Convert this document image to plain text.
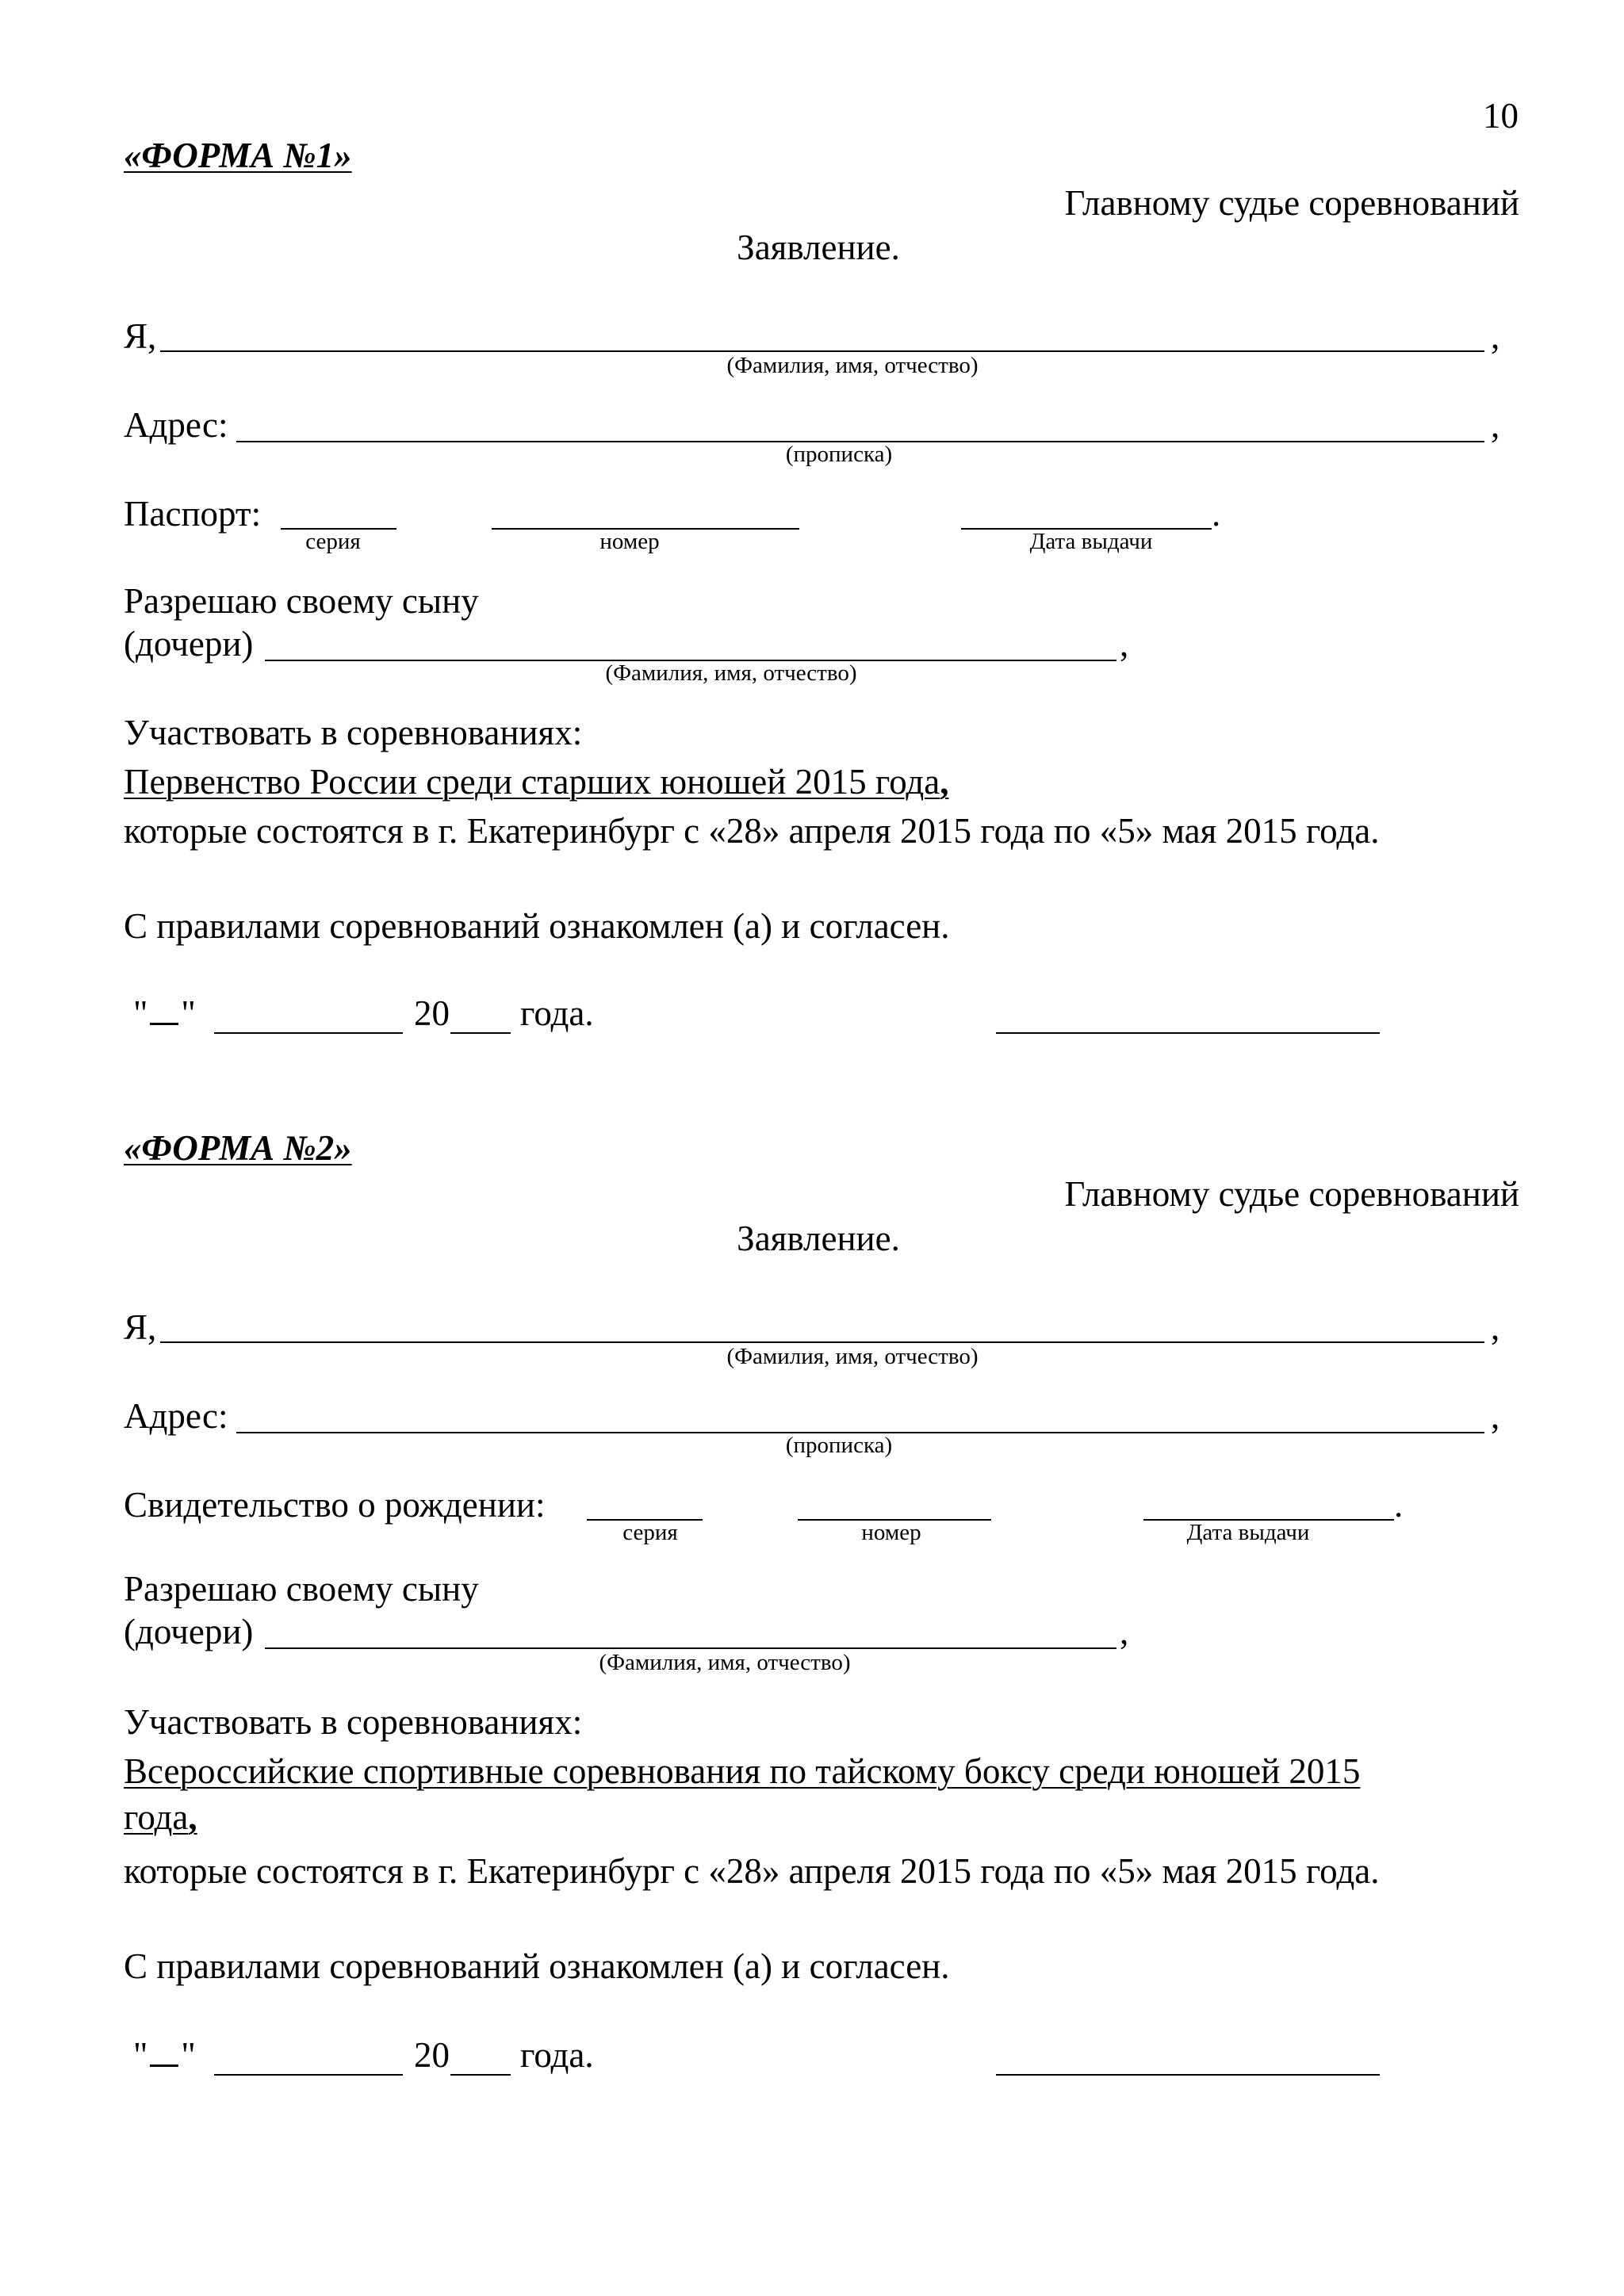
10
«ФОРМА №1»
Главному судье соревнований
Заявление.
Я,	,
(Фамилия, имя, отчество)
Адрес:	,
(прописка)
Паспорт:	.
серия	номер	Дата выдачи
Разрешаю своему сыну
(дочери)	,
(Фамилия, имя, отчество)
Участвовать в соревнованиях:
Первенство России среди старших юношей 2015 года,
которые состоятся в г. Екатеринбург с «28» апреля 2015 года по «5» мая 2015 года.
С правилами соревнований ознакомлен (а) и согласен.
" "	20 года.
«ФОРМА №2»
Главному судье соревнований
Заявление.
Я,	,
(Фамилия, имя, отчество)
Адрес:	,
(прописка)
Свидетельство о рождении:	.
серия	номер	Дата выдачи
Разрешаю своему сыну
(дочери)	,
(Фамилия, имя, отчество)
Участвовать в соревнованиях:
Всероссийские спортивные соревнования по тайскому боксу среди юношей 2015
года,
которые состоятся в г. Екатеринбург с «28» апреля 2015 года по «5» мая 2015 года.
С правилами соревнований ознакомлен (а) и согласен.
" "	20 года.
